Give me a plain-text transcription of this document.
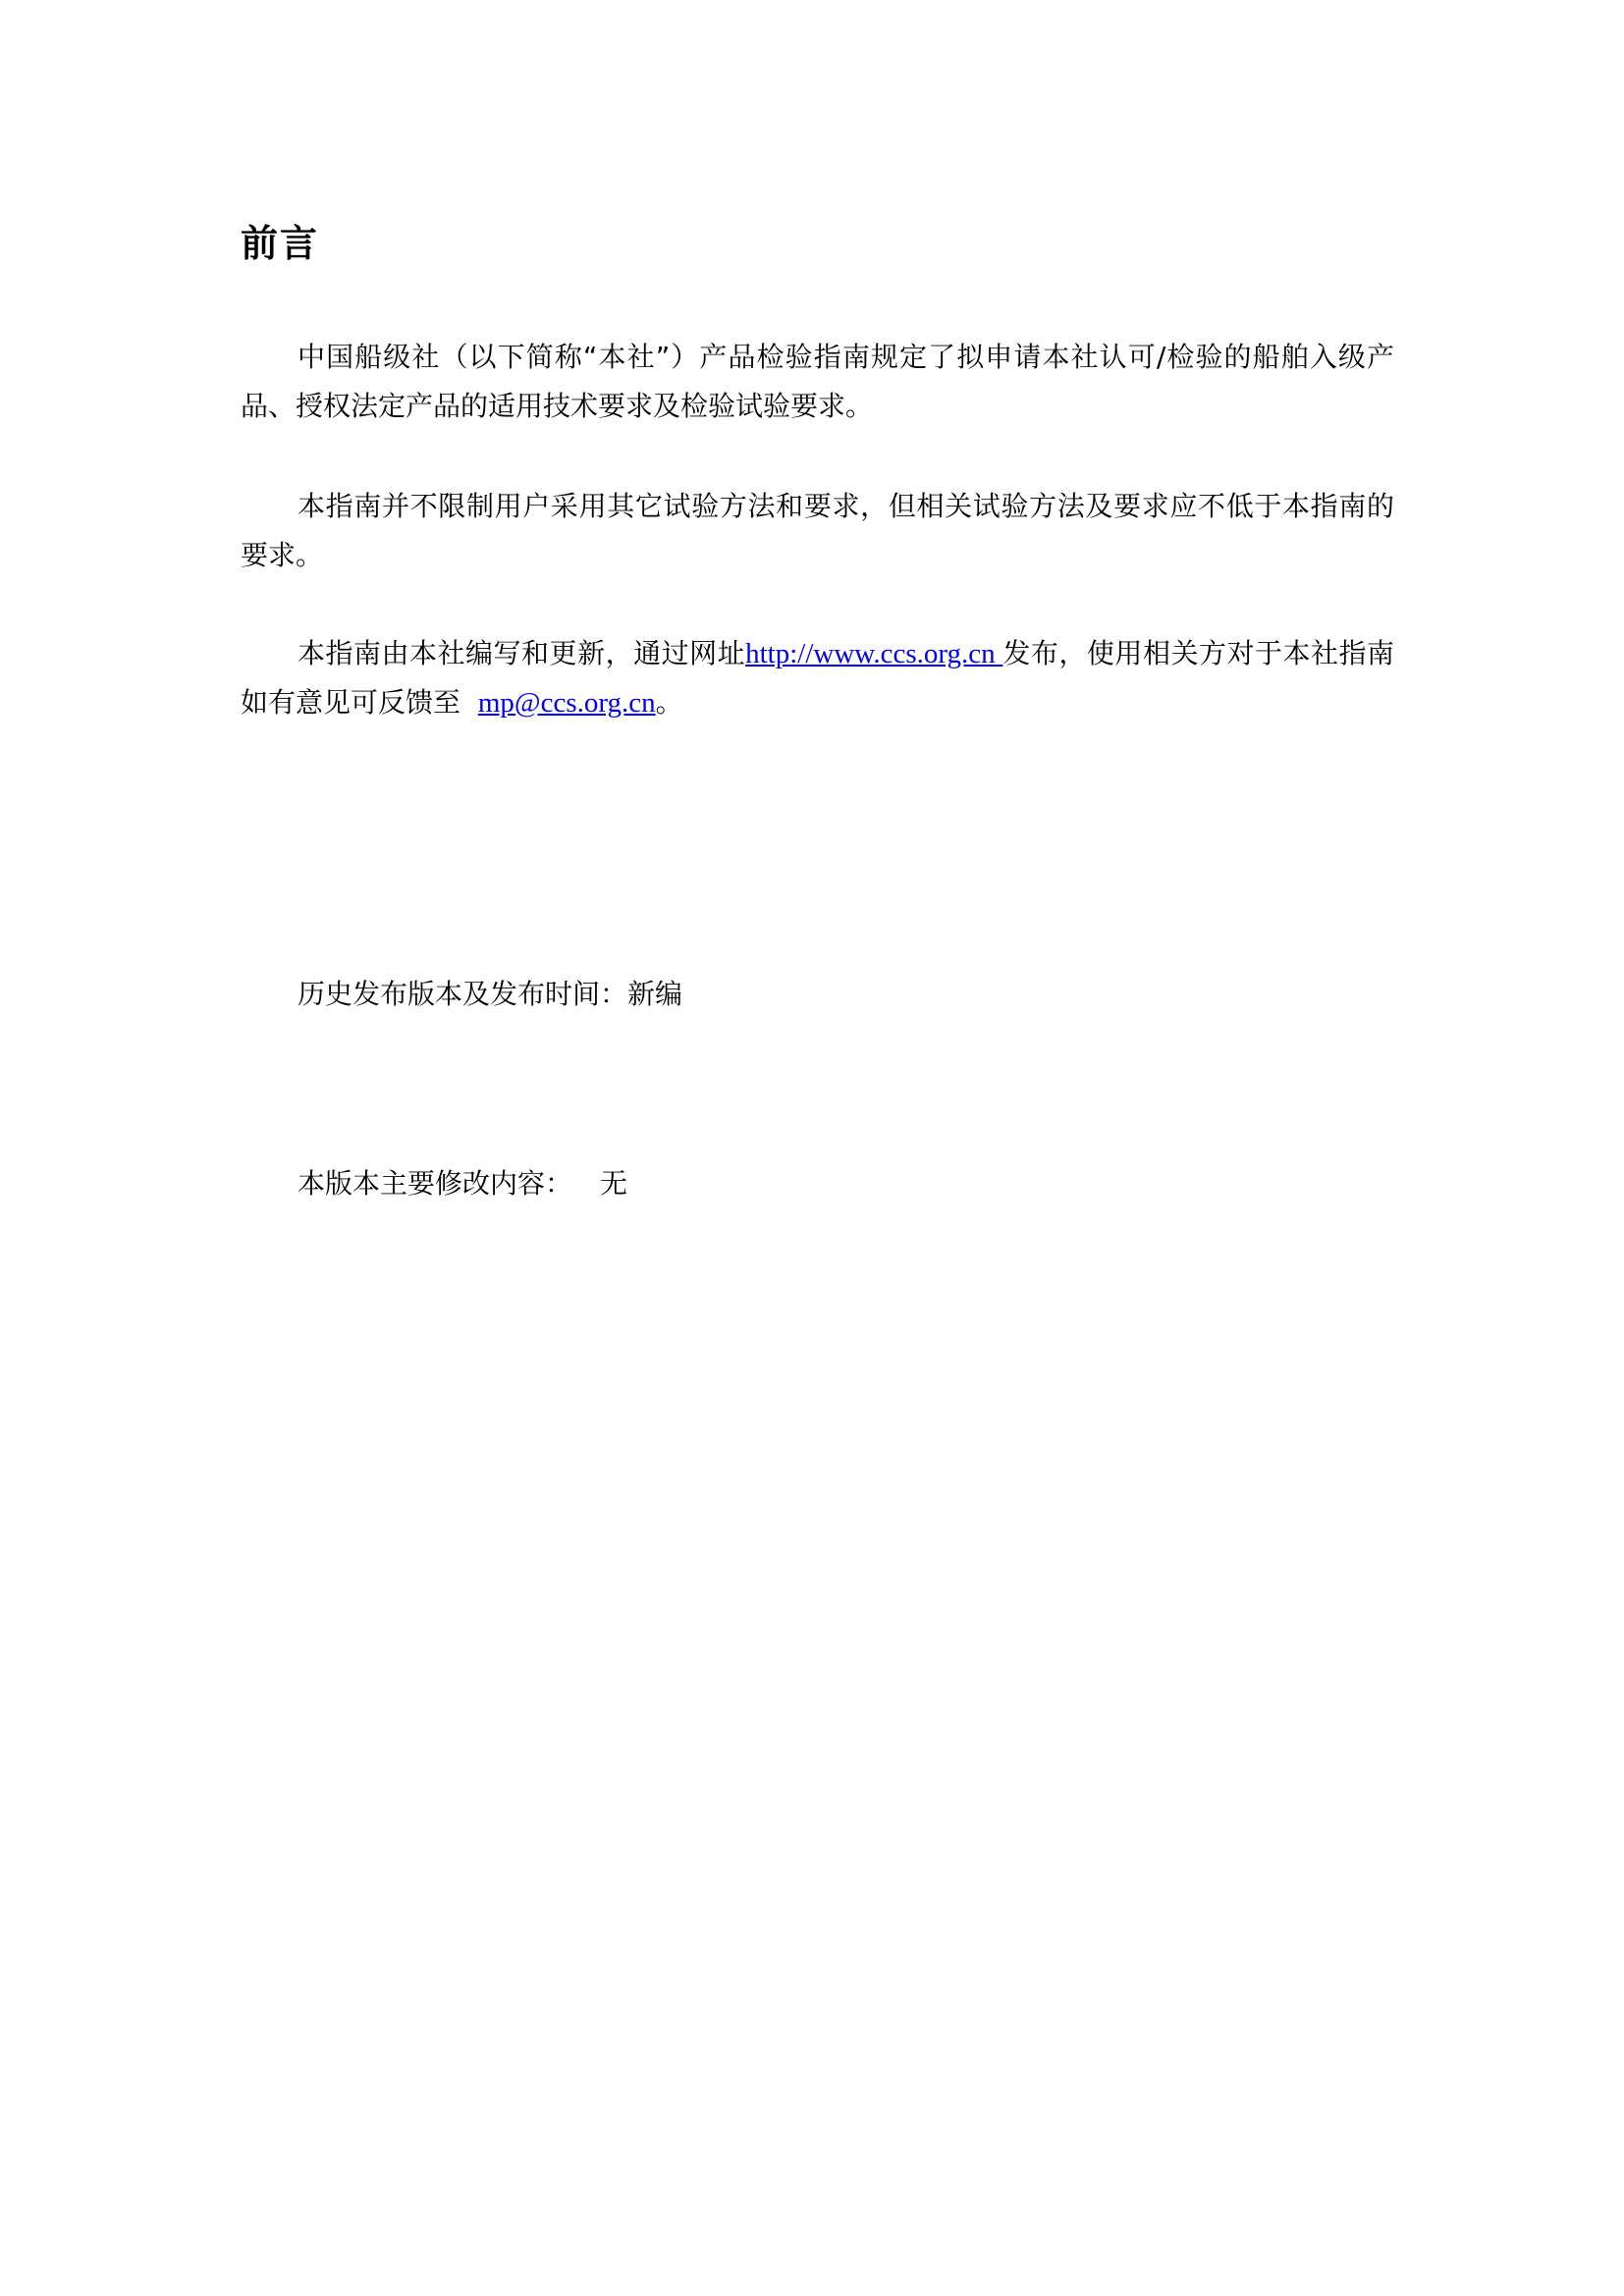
前言

中国船级社（以下简称“本社”）产品检验指南规定了拟申请本社认可/检验的船舶入级产品、授权法定产品的适用技术要求及检验试验要求。

本指南并不限制用户采用其它试验方法和要求，但相关试验方法及要求应不低于本指南的要求。

本指南由本社编写和更新，通过网址http://www.ccs.org.cn 发布，使用相关方对于本社指南如有意见可反馈至 mp@ccs.org.cn。

历史发布版本及发布时间：新编

本版本主要修改内容： 无
